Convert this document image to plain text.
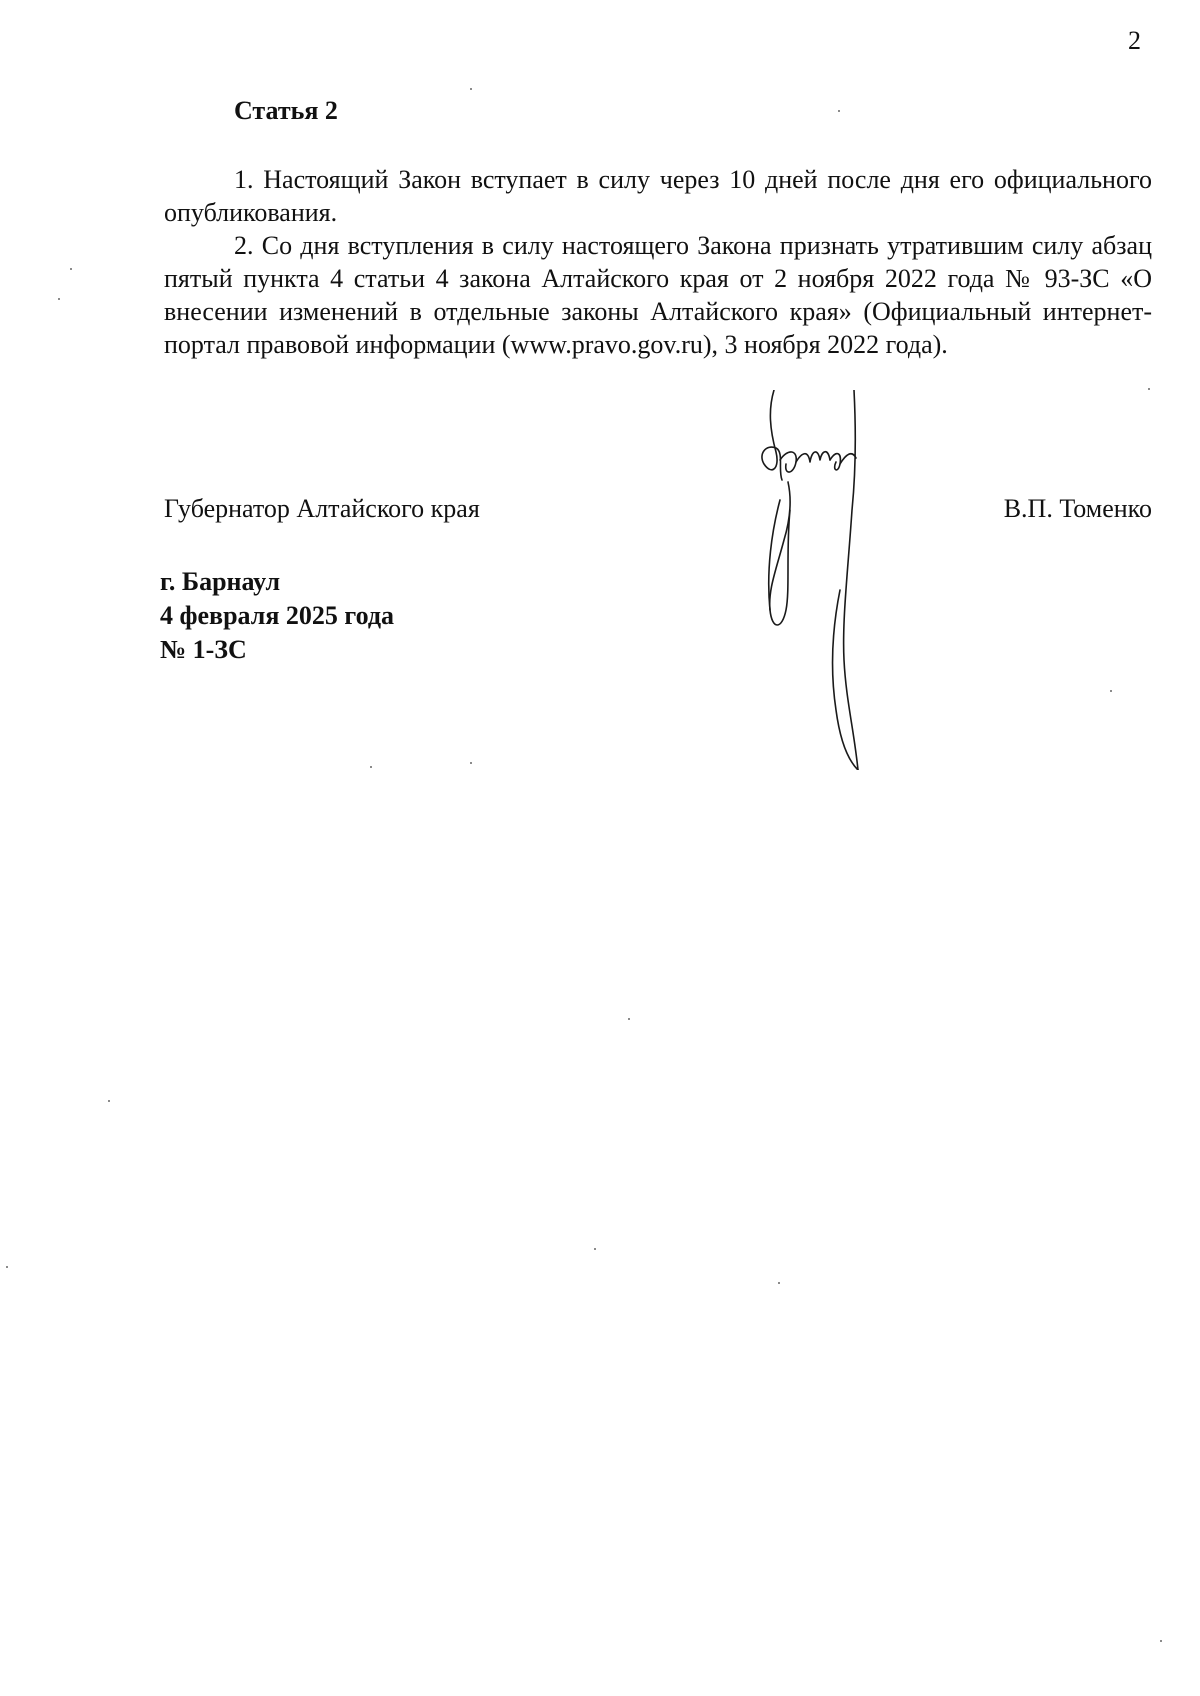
2
Статья 2

1. Настоящий Закон вступает в силу через 10 дней после дня его официального опубликования.

2. Со дня вступления в силу настоящего Закона признать утратившим силу абзац пятый пункта 4 статьи 4 закона Алтайского края от 2 ноября 2022 года № 93-ЗС «О внесении изменений в отдельные законы Алтайского края» (Официальный интернет-портал правовой информации (www.pravo.gov.ru), 3 ноября 2022 года).

Губернатор Алтайского края	В.П. Томенко
г. Барнаул
4 февраля 2025 года
№ 1-ЗС
